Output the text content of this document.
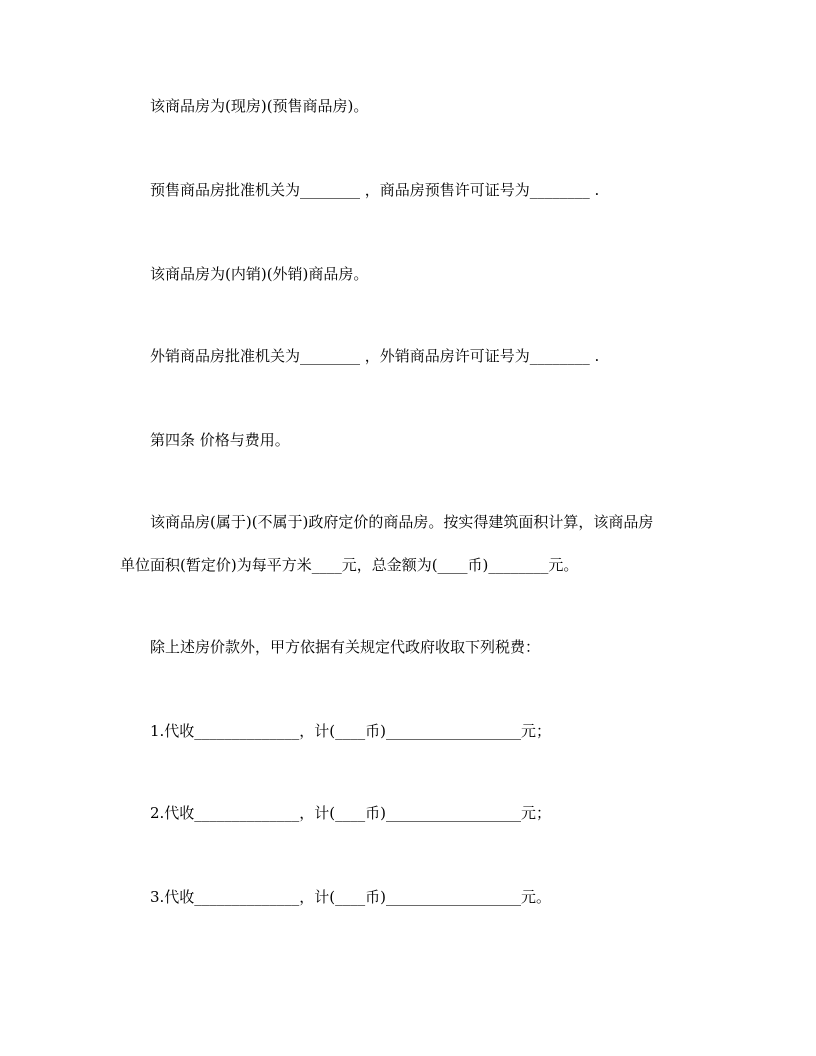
该商品房为(现房)(预售商品房)。
预售商品房批准机关为________ ，商品房预售许可证号为________ .
该商品房为(内销)(外销)商品房。
外销商品房批准机关为________ ，外销商品房许可证号为________ .
第四条 价格与费用。
该商品房(属于)(不属于)政府定价的商品房。按实得建筑面积计算，该商品房
单位面积(暂定价)为每平方米____元，总金额为(____币)________元。
除上述房价款外，甲方依据有关规定代政府收取下列税费：
1.代收______________，计(____币)__________________元；
2.代收______________，计(____币)__________________元；
3.代收______________，计(____币)__________________元。
